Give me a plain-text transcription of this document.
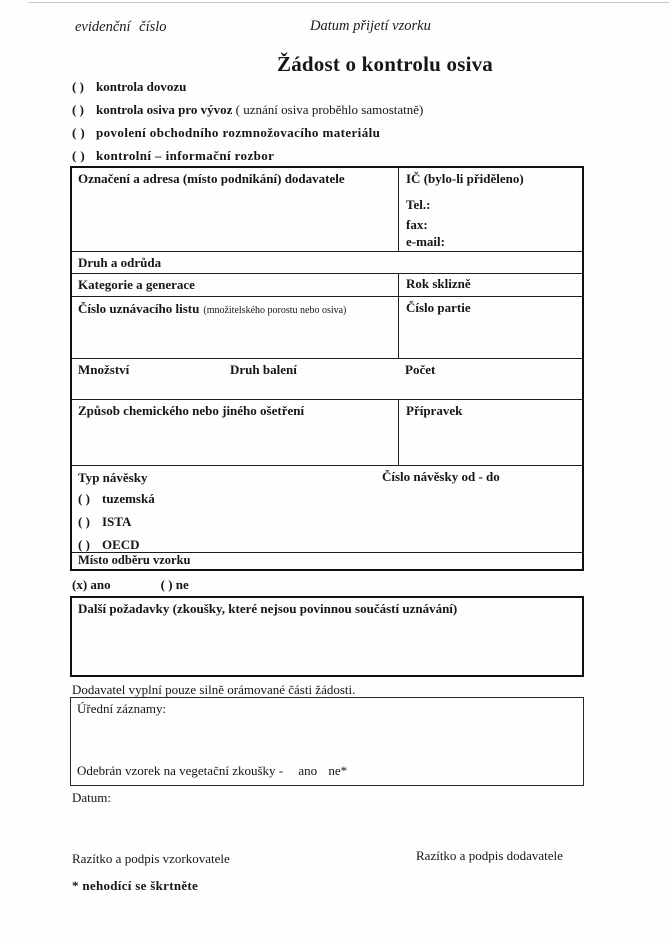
evidenční číslo	Datum přijetí vzorku
Žádost o kontrolu osiva
( ) kontrola dovozu
( ) kontrola osiva pro vývoz ( uznání osiva proběhlo samostatně)
( ) povolení obchodního rozmnožovacího materiálu
( ) kontrolní – informační rozbor
Označení a adresa (místo podnikání) dodavatele	IČ (bylo-li přiděleno)
Tel.:
fax:
e-mail:
Druh a odrůda
Kategorie a generace	Rok sklizně
Číslo uznávacího listu (množitelského porostu nebo osiva)	Číslo partie
Množství	Druh balení	Počet
Způsob chemického nebo jiného ošetření	Přípravek
Typ návěsky	Číslo návěsky od - do
( ) tuzemská
( ) ISTA
( ) OECD
Místo odběru vzorku
(x) ano	( ) ne
Další požadavky (zkoušky, které nejsou povinnou součástí uznávání)
Dodavatel vyplní pouze silně orámované části žádosti.
Úřední záznamy:
Odebrán vzorek na vegetační zkoušky - ano ne*
Datum:
Razítko a podpis vzorkovatele	Razítko a podpis dodavatele
* nehodící se škrtněte
